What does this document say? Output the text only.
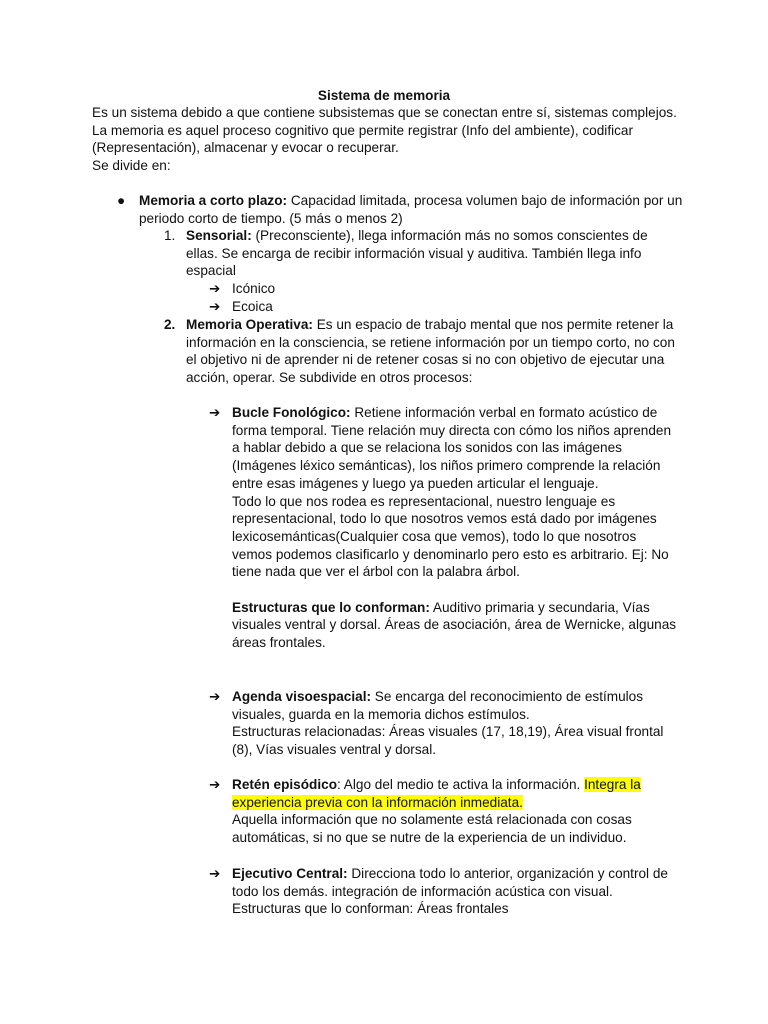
Sistema de memoria

Es un sistema debido a que contiene subsistemas que se conectan entre sí, sistemas complejos.

La memoria es aquel proceso cognitivo que permite registrar (Info del ambiente), codificar (Representación), almacenar y evocar o recuperar.

Se divide en:

●	Memoria a corto plazo: Capacidad limitada, procesa volumen bajo de información por un periodo corto de tiempo. (5 más o menos 2)

1. Sensorial: (Preconsciente), llega información más no somos conscientes de ellas. Se encarga de recibir información visual y auditiva. También llega info espacial

➔ Icónico
➔ Ecoica
2. Memoria Operativa: Es un espacio de trabajo mental que nos permite retener la información en la consciencia, se retiene información por un tiempo corto, no con el objetivo ni de aprender ni de retener cosas si no con objetivo de ejecutar una acción, operar. Se subdivide en otros procesos:

➔ Bucle Fonológico: Retiene información verbal en formato acústico de forma temporal. Tiene relación muy directa con cómo los niños aprenden a hablar debido a que se relaciona los sonidos con las imágenes (Imágenes léxico semánticas), los niños primero comprende la relación entre esas imágenes y luego ya pueden articular el lenguaje.

Todo lo que nos rodea es representacional, nuestro lenguaje es representacional, todo lo que nosotros vemos está dado por imágenes lexicosemánticas(Cualquier cosa que vemos), todo lo que nosotros vemos podemos clasificarlo y denominarlo pero esto es arbitrario. Ej: No tiene nada que ver el árbol con la palabra árbol.

Estructuras que lo conforman: Auditivo primaria y secundaria, Vías visuales ventral y dorsal. Áreas de asociación, área de Wernicke, algunas áreas frontales.

➔ Agenda visoespacial: Se encarga del reconocimiento de estímulos visuales, guarda en la memoria dichos estímulos.

Estructuras relacionadas: Áreas visuales (17, 18,19), Área visual frontal (8), Vías visuales ventral y dorsal.

➔ Retén episódico: Algo del medio te activa la información. Integra la experiencia previa con la información inmediata.

Aquella información que no solamente está relacionada con cosas automáticas, si no que se nutre de la experiencia de un individuo.

➔ Ejecutivo Central: Direcciona todo lo anterior, organización y control de todo los demás. integración de información acústica con visual.

Estructuras que lo conforman: Áreas frontales
